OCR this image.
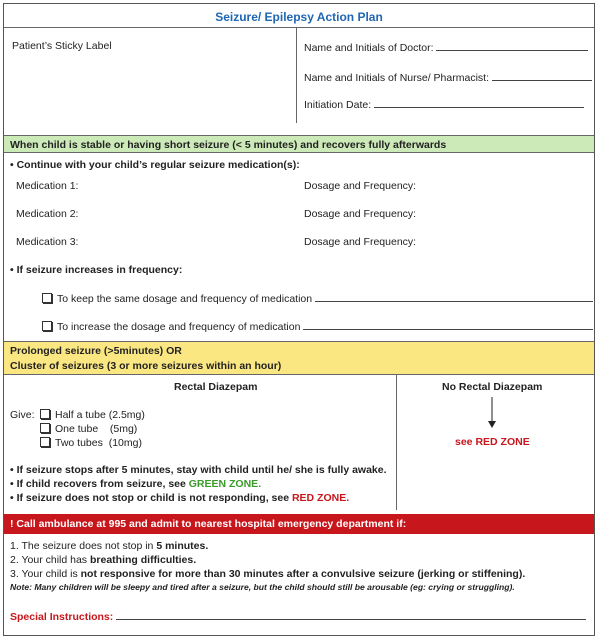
Seizure/ Epilepsy Action Plan
Patient’s Sticky Label	Name and Initials of Doctor:
Name and Initials of Nurse/ Pharmacist:
Initiation Date:
When child is stable or having short seizure (< 5 minutes) and recovers fully afterwards
• Continue with your child’s regular seizure medication(s):
Medication 1:	Dosage and Frequency:
Medication 2:	Dosage and Frequency:
Medication 3:	Dosage and Frequency:
• If seizure increases in frequency:
To keep the same dosage and frequency of medication
To increase the dosage and frequency of medication
Prolonged seizure (>5minutes) OR
Cluster of seizures (3 or more seizures within an hour)
Rectal Diazepam	No Rectal Diazepam
Give:	Half a tube (2.5mg)
One tube    (5mg)
Two tubes  (10mg)	see RED ZONE
• If seizure stops after 5 minutes, stay with child until he/ she is fully awake.
• If child recovers from seizure, see GREEN ZONE.
• If seizure does not stop or child is not responding, see RED ZONE.
! Call ambulance at 995 and admit to nearest hospital emergency department if:
1. The seizure does not stop in 5 minutes.
2. Your child has breathing difficulties.
3. Your child is not responsive for more than 30 minutes after a convulsive seizure (jerking or stiffening).
Note: Many children will be sleepy and tired after a seizure, but the child should still be arousable (eg: crying or struggling).
Special Instructions:
